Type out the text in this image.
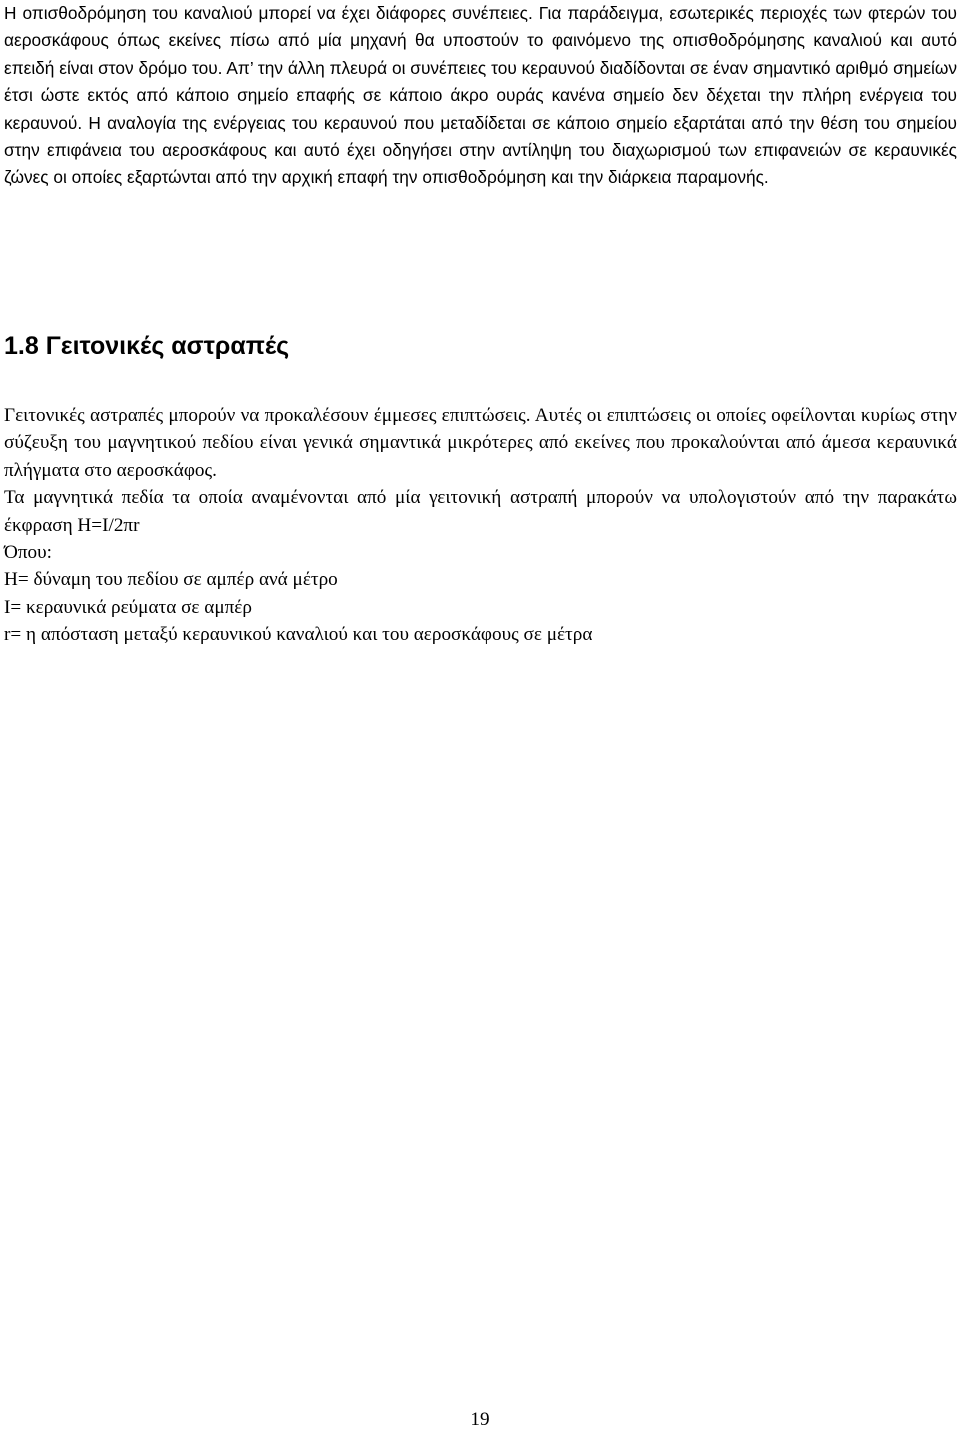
Η οπισθοδρόμηση του καναλιού μπορεί να έχει διάφορες συνέπειες. Για παράδειγμα, εσωτερικές περιοχές των φτερών του αεροσκάφους όπως εκείνες πίσω από μία μηχανή θα υποστούν το φαινόμενο της οπισθοδρόμησης καναλιού και αυτό επειδή είναι στον δρόμο του. Απ’ την άλλη πλευρά οι συνέπειες του κεραυνού διαδίδονται σε έναν σημαντικό αριθμό σημείων έτσι ώστε εκτός από κάποιο σημείο επαφής σε κάποιο άκρο ουράς κανένα σημείο δεν δέχεται την πλήρη ενέργεια του κεραυνού. Η αναλογία της ενέργειας του κεραυνού που μεταδίδεται σε κάποιο σημείο εξαρτάται από την θέση του σημείου στην επιφάνεια του αεροσκάφους και αυτό έχει οδηγήσει στην αντίληψη του διαχωρισμού των επιφανειών σε κεραυνικές ζώνες οι οποίες εξαρτώνται από την αρχική επαφή την οπισθοδρόμηση και την διάρκεια παραμονής.

1.8 Γειτονικές αστραπές

Γειτονικές αστραπές μπορούν να προκαλέσουν έμμεσες επιπτώσεις. Αυτές οι επιπτώσεις οι οποίες οφείλονται κυρίως στην σύζευξη του μαγνητικού πεδίου είναι γενικά σημαντικά μικρότερες από εκείνες που προκαλούνται από άμεσα κεραυνικά πλήγματα στο αεροσκάφος.

Τα μαγνητικά πεδία τα οποία αναμένονται από μία γειτονική αστραπή μπορούν να υπολογιστούν από την παρακάτω έκφραση H=I/2πr

Όπου:

H= δύναμη του πεδίου σε αμπέρ ανά μέτρο

I= κεραυνικά ρεύματα σε αμπέρ

r= η απόσταση μεταξύ κεραυνικού καναλιού και του αεροσκάφους σε μέτρα

19
